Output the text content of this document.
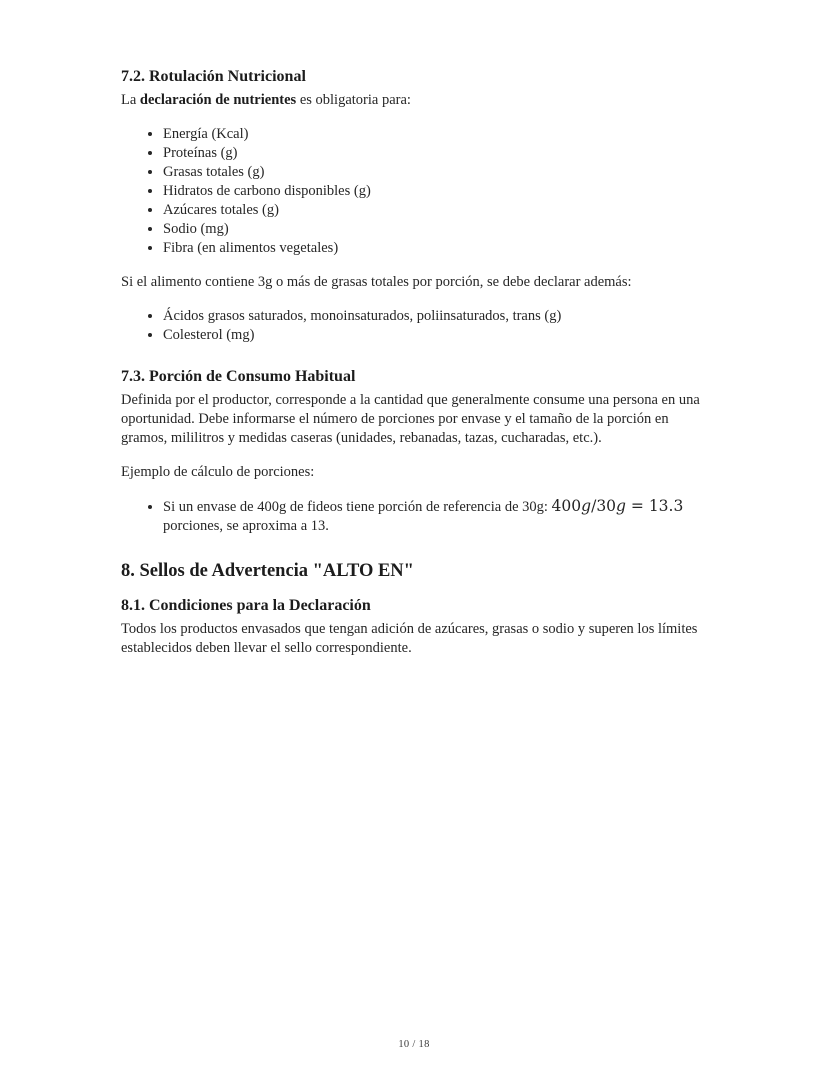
7.2. Rotulación Nutricional

La declaración de nutrientes es obligatoria para:

• Energía (Kcal)
• Proteínas (g)
• Grasas totales (g)
• Hidratos de carbono disponibles (g)
• Azúcares totales (g)
• Sodio (mg)
• Fibra (en alimentos vegetales)

Si el alimento contiene 3g o más de grasas totales por porción, se debe declarar además:

• Ácidos grasos saturados, monoinsaturados, poliinsaturados, trans (g)
• Colesterol (mg)
7.3. Porción de Consumo Habitual

Definida por el productor, corresponde a la cantidad que generalmente consume una persona en una oportunidad. Debe informarse el número de porciones por envase y el tamaño de la porción en gramos, mililitros y medidas caseras (unidades, rebanadas, tazas, cucharadas, etc.).

Ejemplo de cálculo de porciones:

• Si un envase de 400g de fideos tiene porción de referencia de 30g: 400g/30g = 13.3 porciones, se aproxima a 13.
8. Sellos de Advertencia "ALTO EN"
8.1. Condiciones para la Declaración

Todos los productos envasados que tengan adición de azúcares, grasas o sodio y superen los límites establecidos deben llevar el sello correspondiente.

10 / 18
